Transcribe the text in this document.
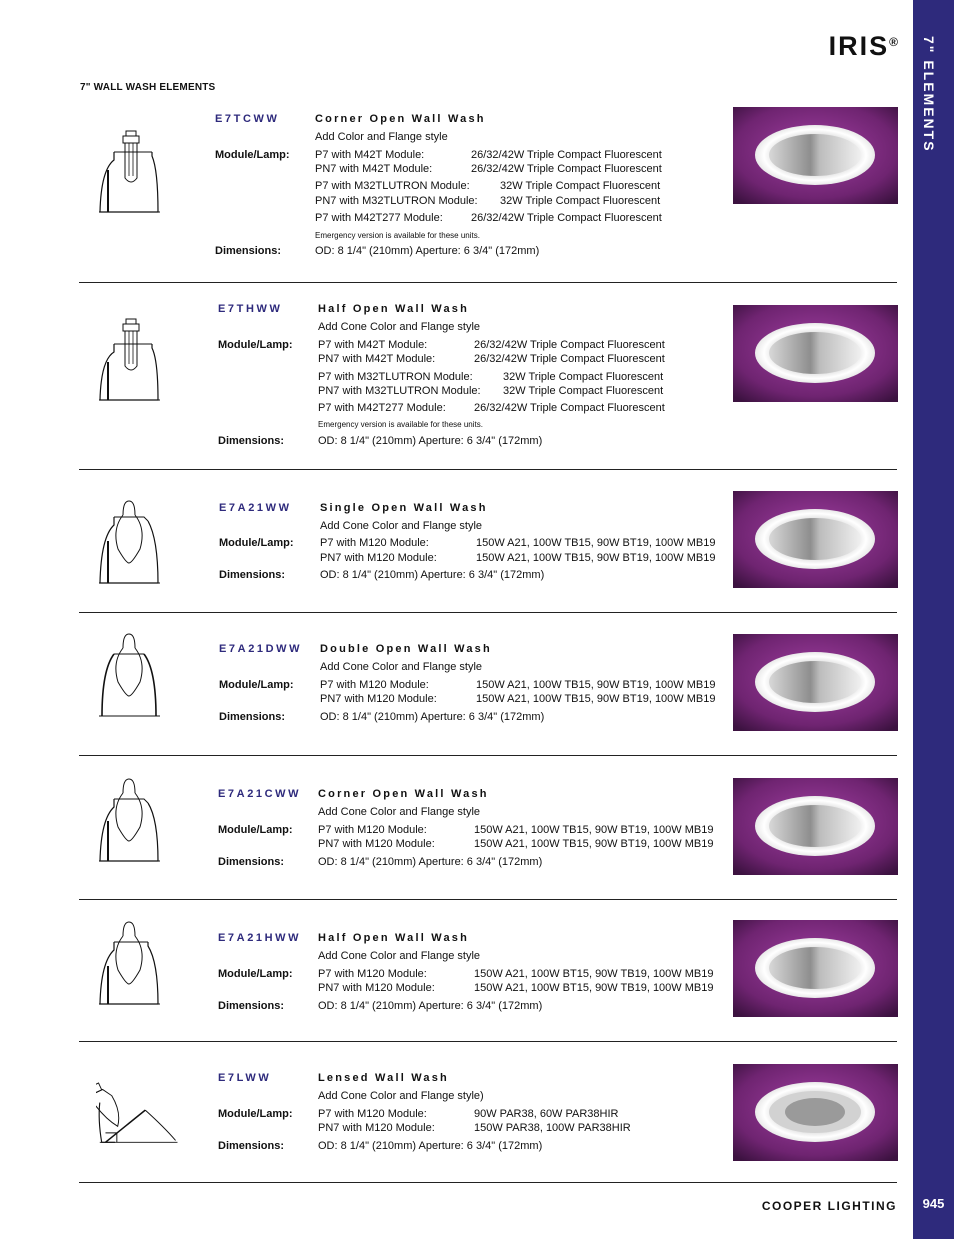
7" ELEMENTS
945
IRIS®
7" WALL WASH ELEMENTS
COOPER LIGHTING
E7TCWW	Corner Open Wall Wash
Add Color and Flange style
Module/Lamp: P7 with M42T Module:	26/32/42W Triple Compact Fluorescent
PN7 with M42T Module:	26/32/42W Triple Compact Fluorescent
P7 with M32TLUTRON Module:	32W Triple Compact Fluorescent
PN7 with M32TLUTRON Module: 32W Triple Compact Fluorescent
P7 with M42T277 Module:	26/32/42W Triple Compact Fluorescent
Emergency version is available for these units.
Dimensions:	OD: 8 1/4" (210mm) Aperture: 6 3/4" (172mm)
E7THWW	Half Open Wall Wash
Add Cone Color and Flange style
Module/Lamp: P7 with M42T Module:	26/32/42W Triple Compact Fluorescent
PN7 with M42T Module:	26/32/42W Triple Compact Fluorescent
P7 with M32TLUTRON Module:	32W Triple Compact Fluorescent
PN7 with M32TLUTRON Module: 32W Triple Compact Fluorescent
P7 with M42T277 Module:	26/32/42W Triple Compact Fluorescent
Emergency version is available for these units.
Dimensions:	OD: 8 1/4" (210mm) Aperture: 6 3/4" (172mm)
E7A21WW	Single Open Wall Wash
Add Cone Color and Flange style
Module/Lamp: P7 with M120 Module:	150W A21, 100W TB15, 90W BT19, 100W MB19
PN7 with M120 Module:	150W A21, 100W TB15, 90W BT19, 100W MB19
Dimensions:	OD: 8 1/4" (210mm) Aperture: 6 3/4" (172mm)
E7A21DWW Double Open Wall Wash
Add Cone Color and Flange style
Module/Lamp: P7 with M120 Module:	150W A21, 100W TB15, 90W BT19, 100W MB19
PN7 with M120 Module:	150W A21, 100W TB15, 90W BT19, 100W MB19
Dimensions:	OD: 8 1/4" (210mm) Aperture: 6 3/4" (172mm)
E7A21CWW Corner Open Wall Wash
Add Cone Color and Flange style
Module/Lamp: P7 with M120 Module:	150W A21, 100W TB15, 90W BT19, 100W MB19
PN7 with M120 Module:	150W A21, 100W TB15, 90W BT19, 100W MB19
Dimensions:	OD: 8 1/4" (210mm) Aperture: 6 3/4" (172mm)
E7A21HWW Half Open Wall Wash
Add Cone Color and Flange style
Module/Lamp: P7 with M120 Module:	150W A21, 100W BT15, 90W TB19, 100W MB19
PN7 with M120 Module:	150W A21, 100W BT15, 90W TB19, 100W MB19
Dimensions:	OD: 8 1/4" (210mm) Aperture: 6 3/4" (172mm)
E7LWW	Lensed Wall Wash
Add Cone Color and Flange style)
Module/Lamp: P7 with M120 Module:	90W PAR38, 60W PAR38HIR
PN7 with M120 Module:	150W PAR38, 100W PAR38HIR
Dimensions:	OD: 8 1/4" (210mm) Aperture: 6 3/4" (172mm)
